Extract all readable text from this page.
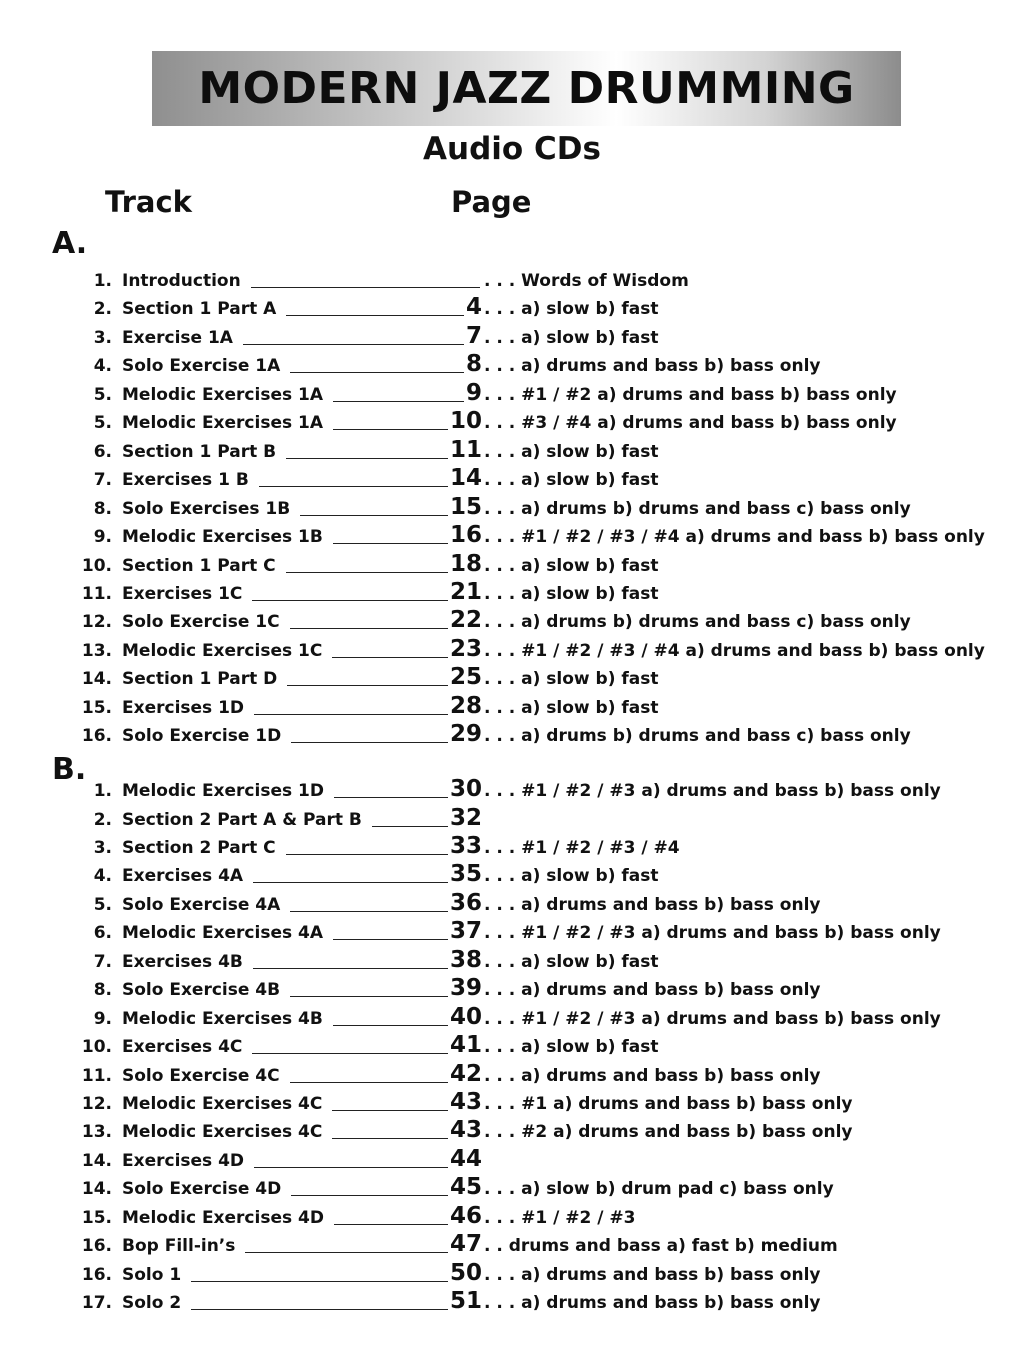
MODERN JAZZ DRUMMING
Audio CDs
Track	Page
A.
B.
1. Introduction	. . . Words of Wisdom
2. Section 1 Part A	4 . . . a) slow b) fast
3. Exercise 1A	7 . . . a) slow b) fast
4. Solo Exercise 1A	8 . . . a) drums and bass b) bass only
5. Melodic Exercises 1A	9 . . . #1 / #2 a) drums and bass b) bass only
5. Melodic Exercises 1A	10 . . . #3 / #4 a) drums and bass b) bass only
6. Section 1 Part B	11 . . . a) slow b) fast
7. Exercises 1 B	14 . . . a) slow b) fast
8. Solo Exercises 1B	15 . . . a) drums b) drums and bass c) bass only
9. Melodic Exercises 1B	16 . . . #1 / #2 / #3 / #4 a) drums and bass b) bass only
10. Section 1 Part C	18 . . . a) slow b) fast
11. Exercises 1C	21 . . . a) slow b) fast
12. Solo Exercise 1C	22 . . . a) drums b) drums and bass c) bass only
13. Melodic Exercises 1C	23 . . . #1 / #2 / #3 / #4 a) drums and bass b) bass only
14. Section 1 Part D	25 . . . a) slow b) fast
15. Exercises 1D	28 . . . a) slow b) fast
16. Solo Exercise 1D	29 . . . a) drums b) drums and bass c) bass only
1. Melodic Exercises 1D	30 . . . #1 / #2 / #3 a) drums and bass b) bass only
2. Section 2 Part A & Part B	32
3. Section 2 Part C	33 . . . #1 / #2 / #3 / #4
4. Exercises 4A	35 . . . a) slow b) fast
5. Solo Exercise 4A	36 . . . a) drums and bass b) bass only
6. Melodic Exercises 4A	37 . . . #1 / #2 / #3 a) drums and bass b) bass only
7. Exercises 4B	38 . . . a) slow b) fast
8. Solo Exercise 4B	39 . . . a) drums and bass b) bass only
9. Melodic Exercises 4B	40 . . . #1 / #2 / #3 a) drums and bass b) bass only
10. Exercises 4C	41 . . . a) slow b) fast
11. Solo Exercise 4C	42 . . . a) drums and bass b) bass only
12. Melodic Exercises 4C	43 . . . #1 a) drums and bass b) bass only
13. Melodic Exercises 4C	43 . . . #2 a) drums and bass b) bass only
14. Exercises 4D	44
14. Solo Exercise 4D	45 . . . a) slow b) drum pad c) bass only
15. Melodic Exercises 4D	46 . . . #1 / #2 / #3
16. Bop Fill-in’s	47 . . drums and bass a) fast b) medium
16. Solo 1	50 . . . a) drums and bass b) bass only
17. Solo 2	51 . . . a) drums and bass b) bass only
